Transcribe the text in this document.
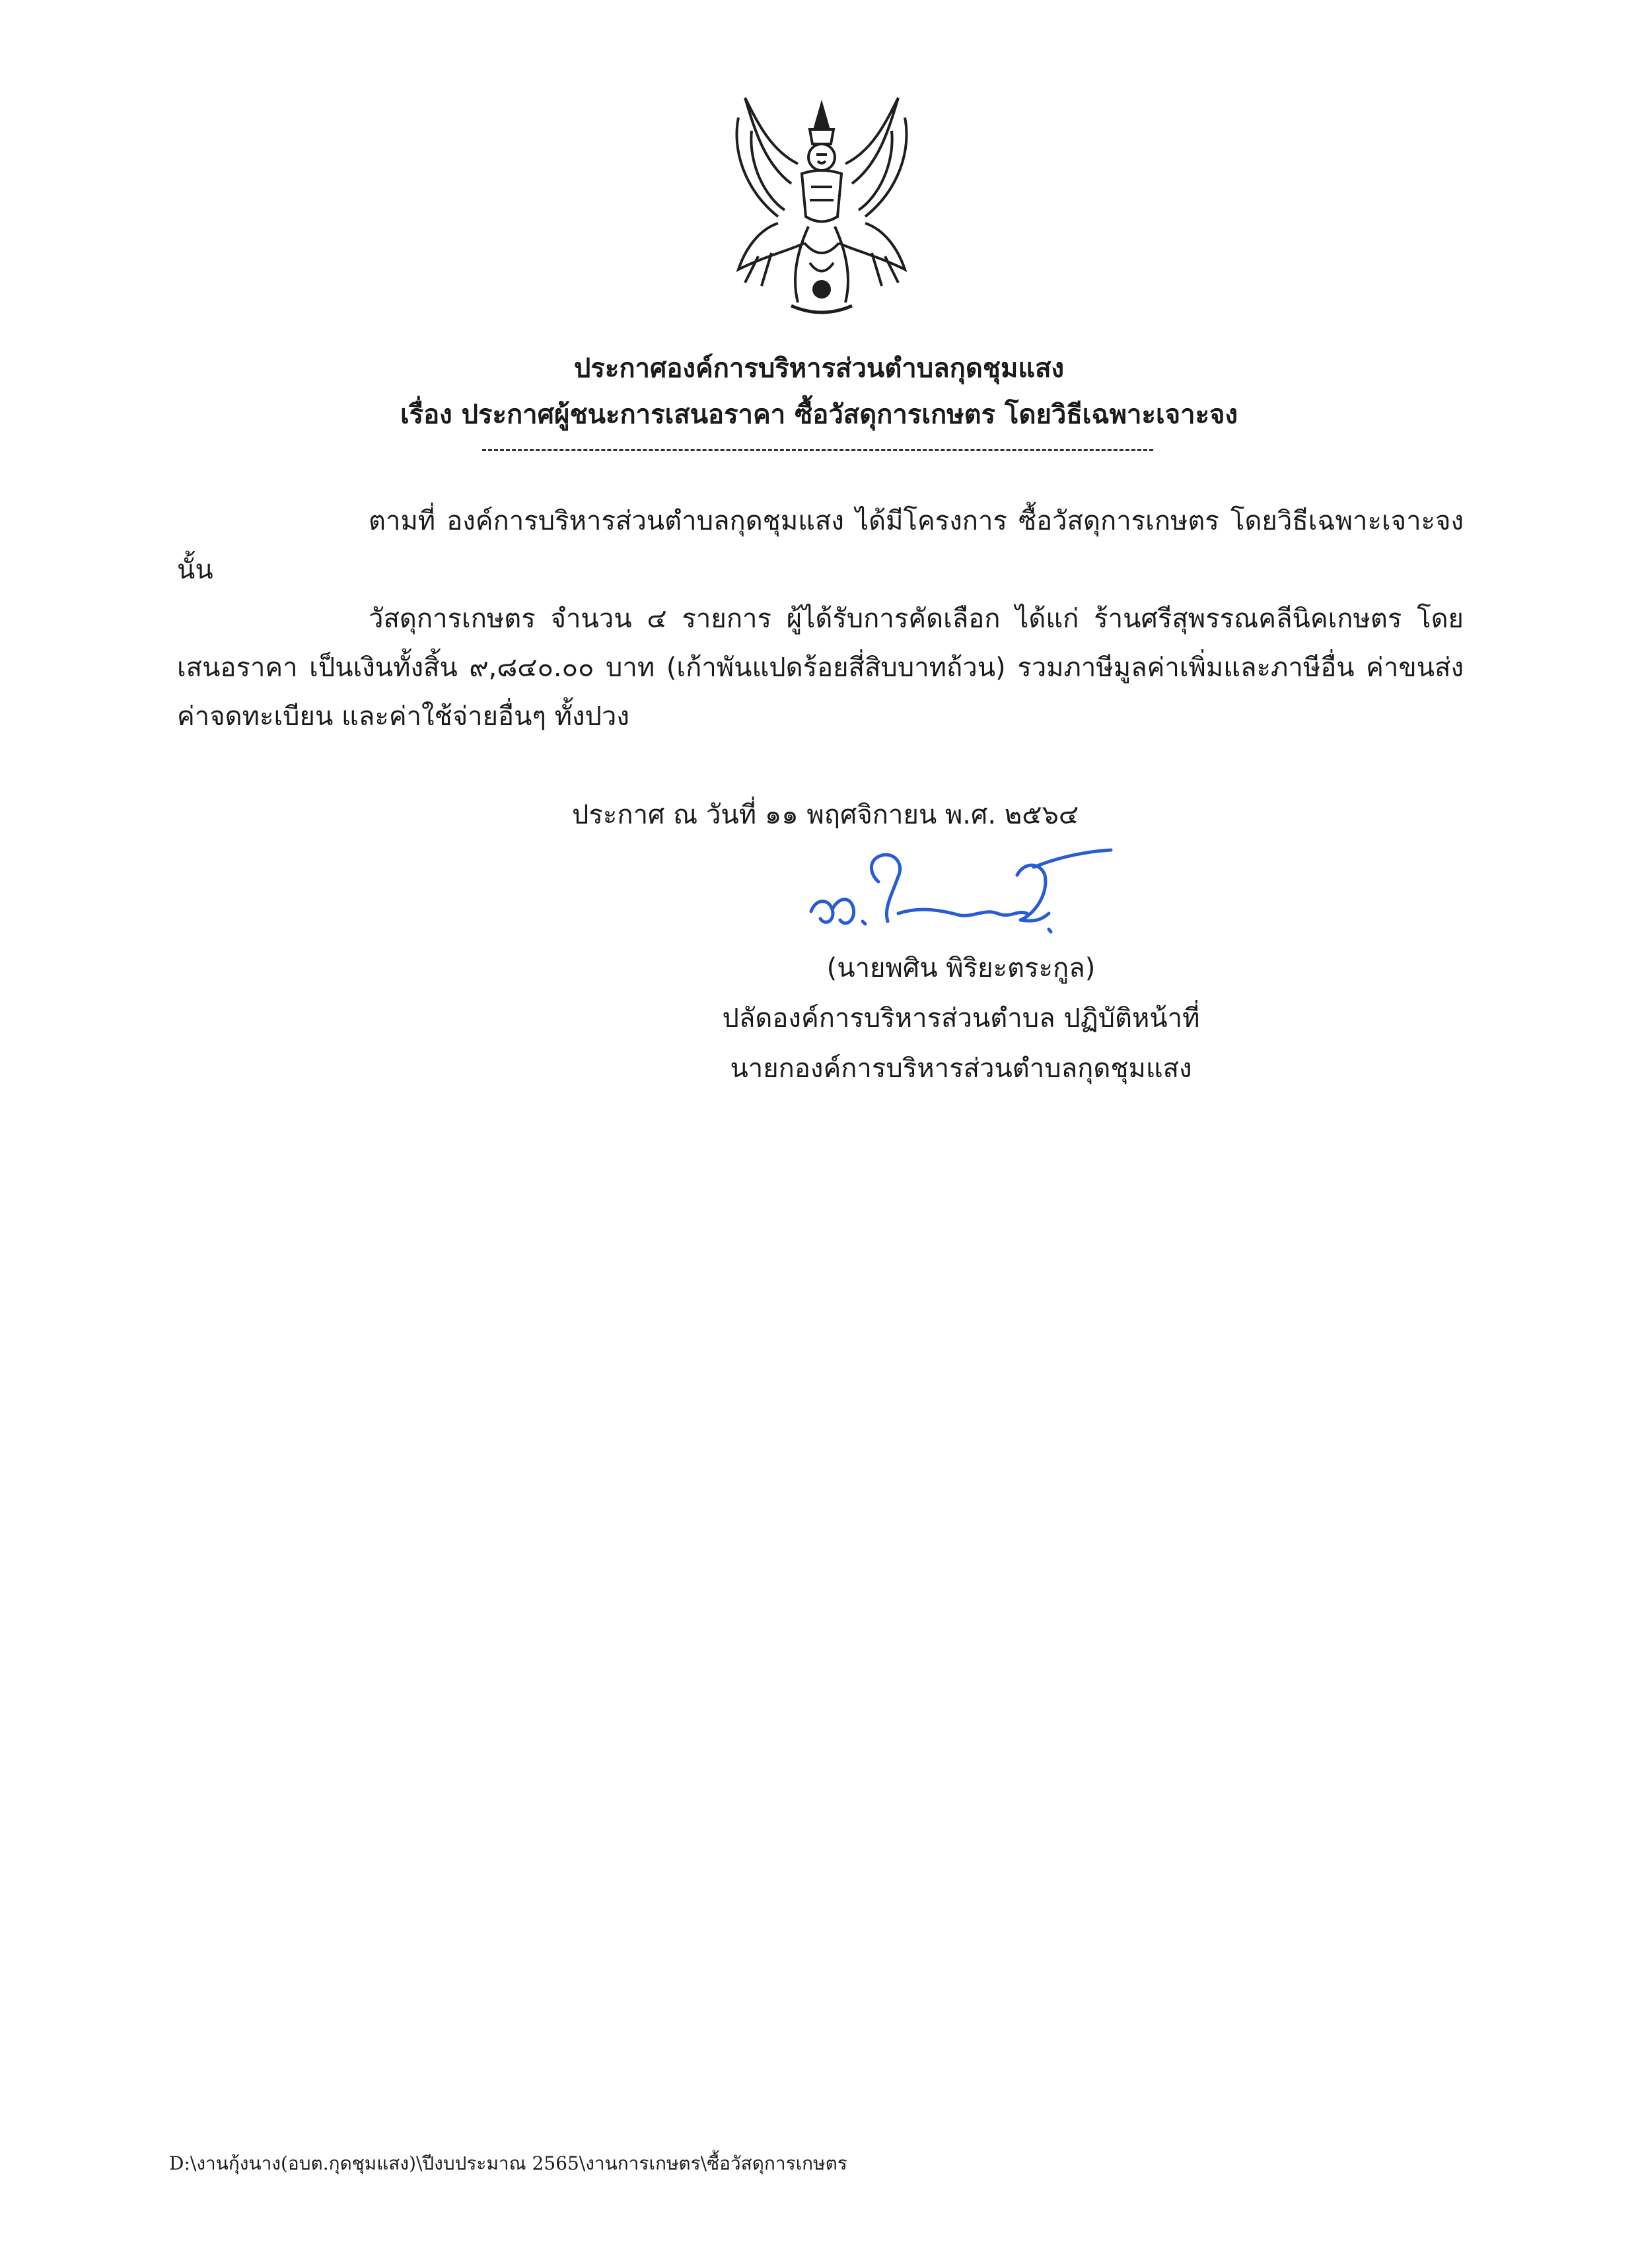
ประกาศองค์การบริหารส่วนตำบลกุดชุมแสง
เรื่อง ประกาศผู้ชนะการเสนอราคา ซื้อวัสดุการเกษตร โดยวิธีเฉพาะเจาะจง
ตามที่ องค์การบริหารส่วนตำบลกุดชุมแสง ได้มีโครงการ ซื้อวัสดุการเกษตร โดยวิธีเฉพาะเจาะจง นั้น
วัสดุการเกษตร จำนวน ๔ รายการ ผู้ได้รับการคัดเลือก ได้แก่ ร้านศรีสุพรรณคลีนิคเกษตร โดยเสนอราคา เป็นเงินทั้งสิ้น ๙,๘๔๐.๐๐ บาท (เก้าพันแปดร้อยสี่สิบบาทถ้วน) รวมภาษีมูลค่าเพิ่มและภาษีอื่น ค่าขนส่ง ค่าจดทะเบียน และค่าใช้จ่ายอื่นๆ ทั้งปวง
ประกาศ ณ วันที่ ๑๑ พฤศจิกายน พ.ศ. ๒๕๖๔
(นายพศิน พิริยะตระกูล)
ปลัดองค์การบริหารส่วนตำบล ปฏิบัติหน้าที่
นายกองค์การบริหารส่วนตำบลกุดชุมแสง
D:\งานกุ้งนาง(อบต.กุดชุมแสง)\ปีงบประมาณ 2565\งานการเกษตร\ซื้อวัสดุการเกษตร
